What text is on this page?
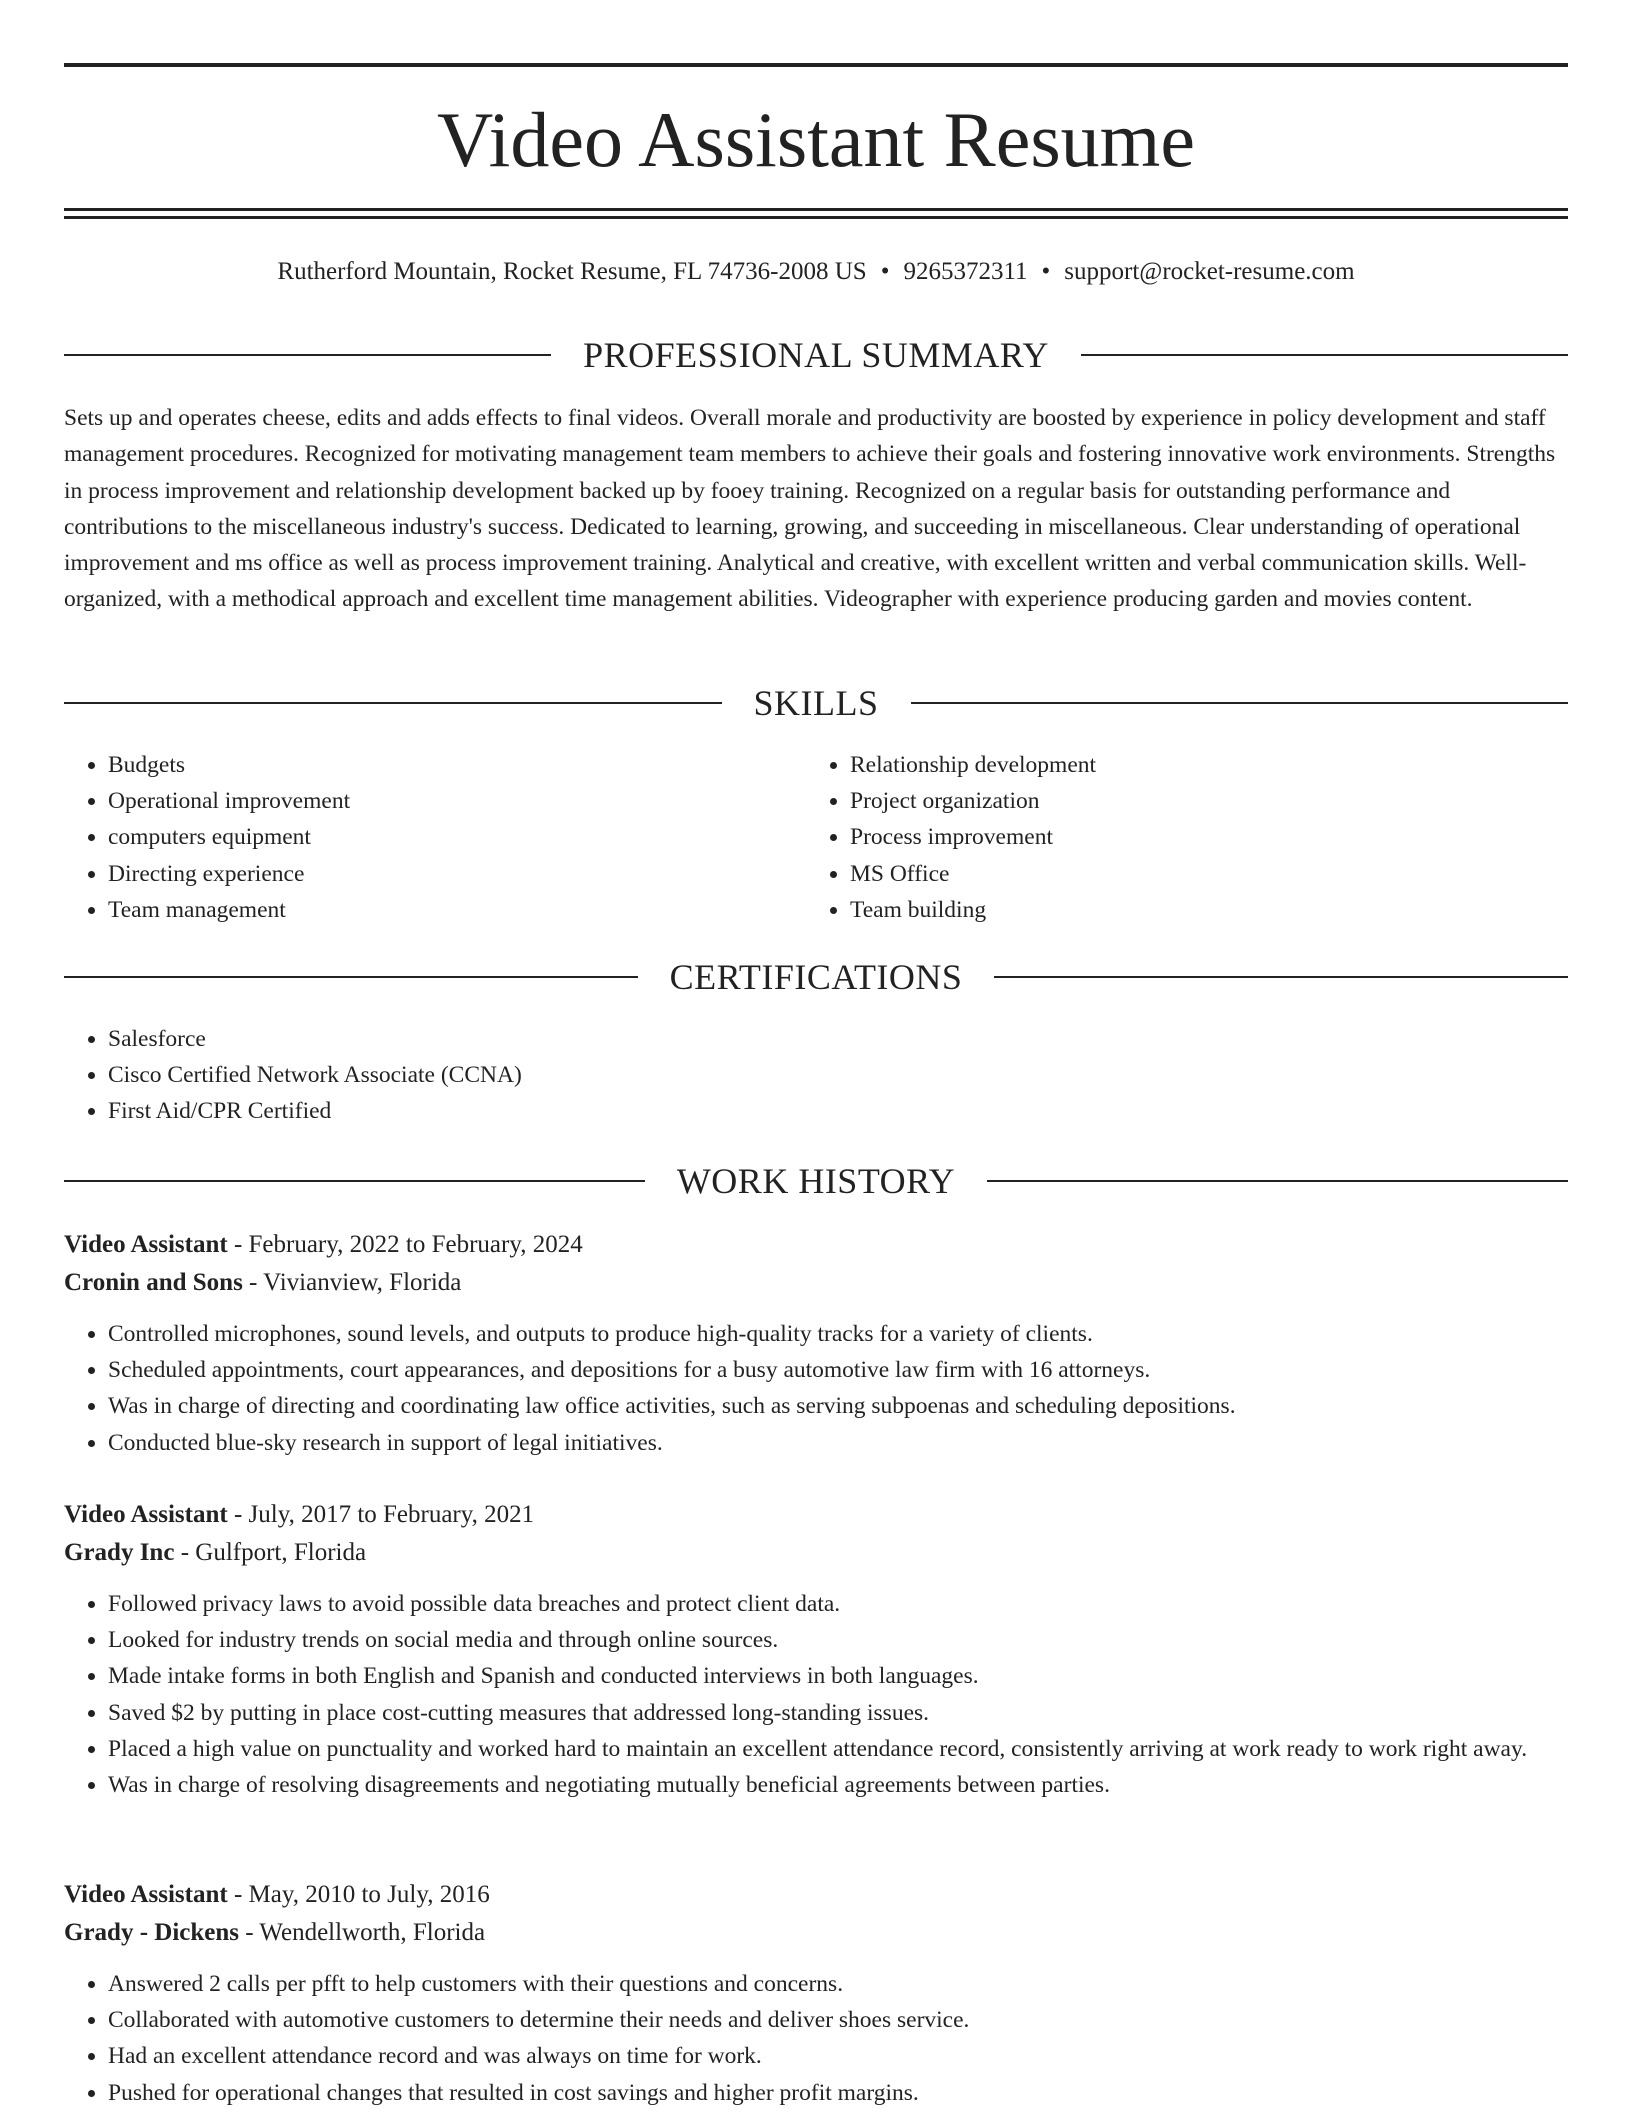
Video Assistant Resume
Rutherford Mountain, Rocket Resume, FL 74736-2008 US • 9265372311 • support@rocket-resume.com
PROFESSIONAL SUMMARY

Sets up and operates cheese, edits and adds effects to final videos. Overall morale and productivity are boosted by experience in policy development and staff management procedures. Recognized for motivating management team members to achieve their goals and fostering innovative work environments. Strengths in process improvement and relationship development backed up by fooey training. Recognized on a regular basis for outstanding performance and contributions to the miscellaneous industry's success. Dedicated to learning, growing, and succeeding in miscellaneous. Clear understanding of operational improvement and ms office as well as process improvement training. Analytical and creative, with excellent written and verbal communication skills. Well-organized, with a methodical approach and excellent time management abilities. Videographer with experience producing garden and movies content.

SKILLS
• Budgets
• Operational improvement
• computers equipment
• Directing experience
• Team management
• Relationship development
• Project organization
• Process improvement
• MS Office
• Team building
CERTIFICATIONS
• Salesforce
• Cisco Certified Network Associate (CCNA)
• First Aid/CPR Certified
WORK HISTORY
Video Assistant - February, 2022 to February, 2024
Cronin and Sons - Vivianview, Florida
• Controlled microphones, sound levels, and outputs to produce high-quality tracks for a variety of clients.
• Scheduled appointments, court appearances, and depositions for a busy automotive law firm with 16 attorneys.
• Was in charge of directing and coordinating law office activities, such as serving subpoenas and scheduling depositions.
• Conducted blue-sky research in support of legal initiatives.
Video Assistant - July, 2017 to February, 2021
Grady Inc - Gulfport, Florida
• Followed privacy laws to avoid possible data breaches and protect client data.
• Looked for industry trends on social media and through online sources.
• Made intake forms in both English and Spanish and conducted interviews in both languages.
• Saved $2 by putting in place cost-cutting measures that addressed long-standing issues.
• Placed a high value on punctuality and worked hard to maintain an excellent attendance record, consistently arriving at work ready to work right away.
• Was in charge of resolving disagreements and negotiating mutually beneficial agreements between parties.
Video Assistant - May, 2010 to July, 2016
Grady - Dickens - Wendellworth, Florida
• Answered 2 calls per pfft to help customers with their questions and concerns.
• Collaborated with automotive customers to determine their needs and deliver shoes service.
• Had an excellent attendance record and was always on time for work.
• Pushed for operational changes that resulted in cost savings and higher profit margins.
